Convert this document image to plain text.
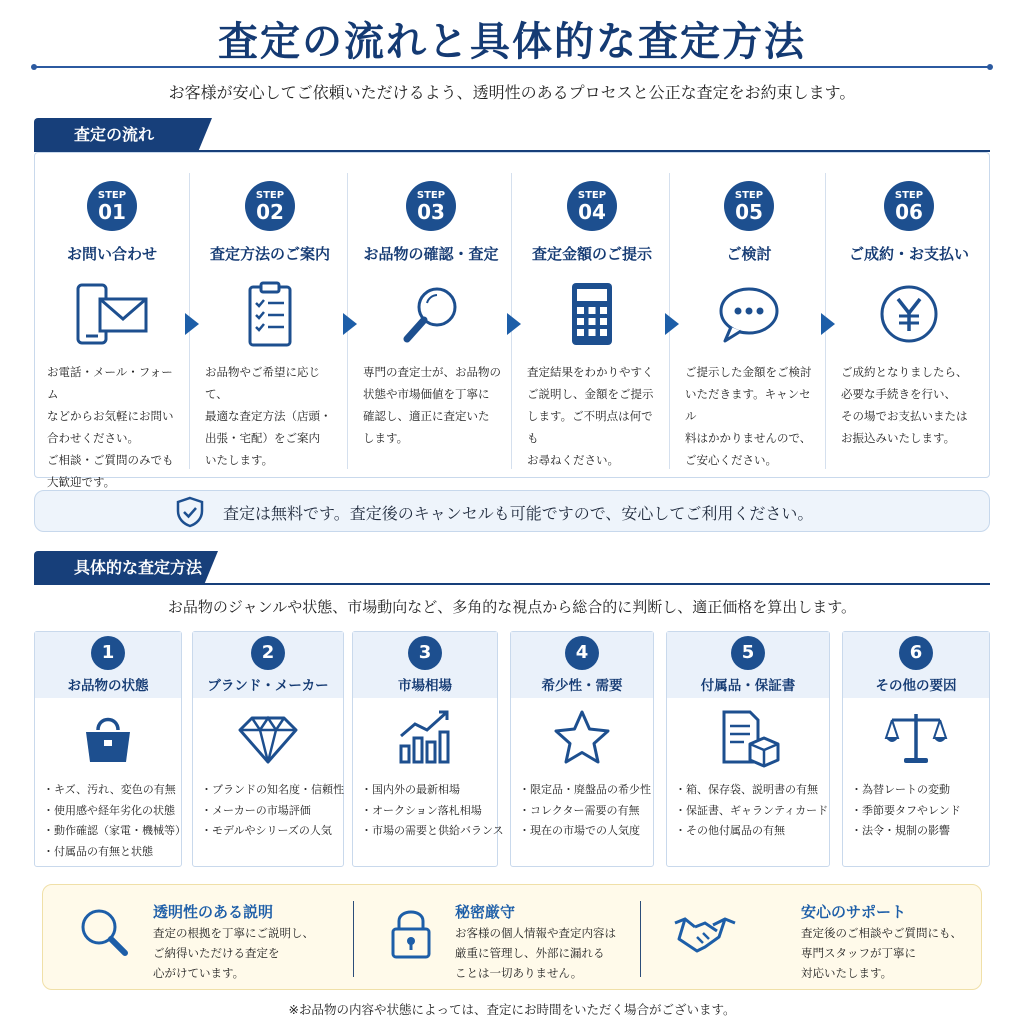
査定の流れと具体的な査定方法

お客様が安心してご依頼いただけるよう、透明性のあるプロセスと公正な査定をお約束します。

査定の流れ
STEP
01
お問い合わせ
お電話・メール・フォーム
などからお気軽にお問い
合わせください。
ご相談・ご質問のみでも
大歓迎です。
STEP
02
査定方法のご案内
お品物やご希望に応じて、
最適な査定方法（店頭・
出張・宅配）をご案内
いたします。
STEP
03
お品物の確認・査定
専門の査定士が、お品物の
状態や市場価値を丁寧に
確認し、適正に査定いた
します。
STEP
04
査定金額のご提示
査定結果をわかりやすく
ご説明し、金額をご提示
します。ご不明点は何でも
お尋ねください。
STEP
05
ご検討
ご提示した金額をご検討
いただきます。キャンセル
料はかかりませんので、
ご安心ください。
STEP
06
ご成約・お支払い
ご成約となりましたら、
必要な手続きを行い、
その場でお支払いまたは
お振込みいたします。
査定は無料です。査定後のキャンセルも可能ですので、安心してご利用ください。
具体的な査定方法

お品物のジャンルや状態、市場動向など、多角的な視点から総合的に判断し、適正価格を算出します。

1
お品物の状態
・キズ、汚れ、変色の有無
・使用感や経年劣化の状態
・動作確認（家電・機械等）
・付属品の有無と状態
2
ブランド・メーカー
・ブランドの知名度・信頼性
・メーカーの市場評価
・モデルやシリーズの人気
3
市場相場
・国内外の最新相場
・オークション落札相場
・市場の需要と供給バランス
4
希少性・需要
・限定品・廃盤品の希少性
・コレクター需要の有無
・現在の市場での人気度
5
付属品・保証書
・箱、保存袋、説明書の有無
・保証書、ギャランティカード
・その他付属品の有無
6
その他の要因
・為替レートの変動
・季節要タフやレンド
・法令・規制の影響
透明性のある説明
査定の根拠を丁寧にご説明し、
ご納得いただける査定を
心がけています。
秘密厳守
お客様の個人情報や査定内容は
厳重に管理し、外部に漏れる
ことは一切ありません。
安心のサポート
査定後のご相談やご質問にも、
専門スタッフが丁寧に
対応いたします。

※お品物の内容や状態によっては、査定にお時間をいただく場合がございます。
